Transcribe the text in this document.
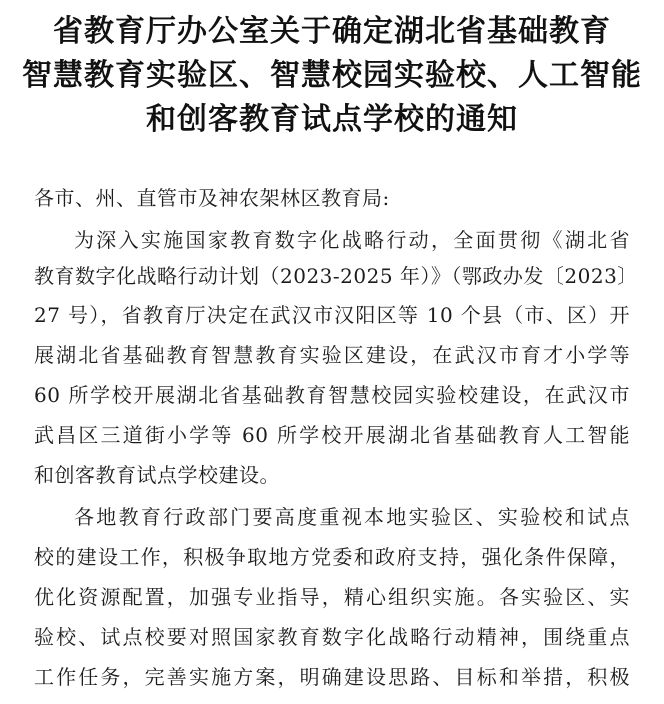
省教育厅办公室关于确定湖北省基础教育
智慧教育实验区、智慧校园实验校、人工智能
和创客教育试点学校的通知
各市、州、直管市及神农架林区教育局:
为深入实施国家教育数字化战略行动，全面贯彻《湖北省
教育数字化战略行动计划（2023-2025 年）》（鄂政办发〔2023〕
27 号），省教育厅决定在武汉市汉阳区等 10 个县（市、区）开
展湖北省基础教育智慧教育实验区建设，在武汉市育才小学等
60 所学校开展湖北省基础教育智慧校园实验校建设，在武汉市
武昌区三道街小学等 60 所学校开展湖北省基础教育人工智能
和创客教育试点学校建设。
各地教育行政部门要高度重视本地实验区、实验校和试点
校的建设工作，积极争取地方党委和政府支持，强化条件保障，
优化资源配置，加强专业指导，精心组织实施。各实验区、实
验校、试点校要对照国家教育数字化战略行动精神，围绕重点
工作任务，完善实施方案，明确建设思路、目标和举措，积极
